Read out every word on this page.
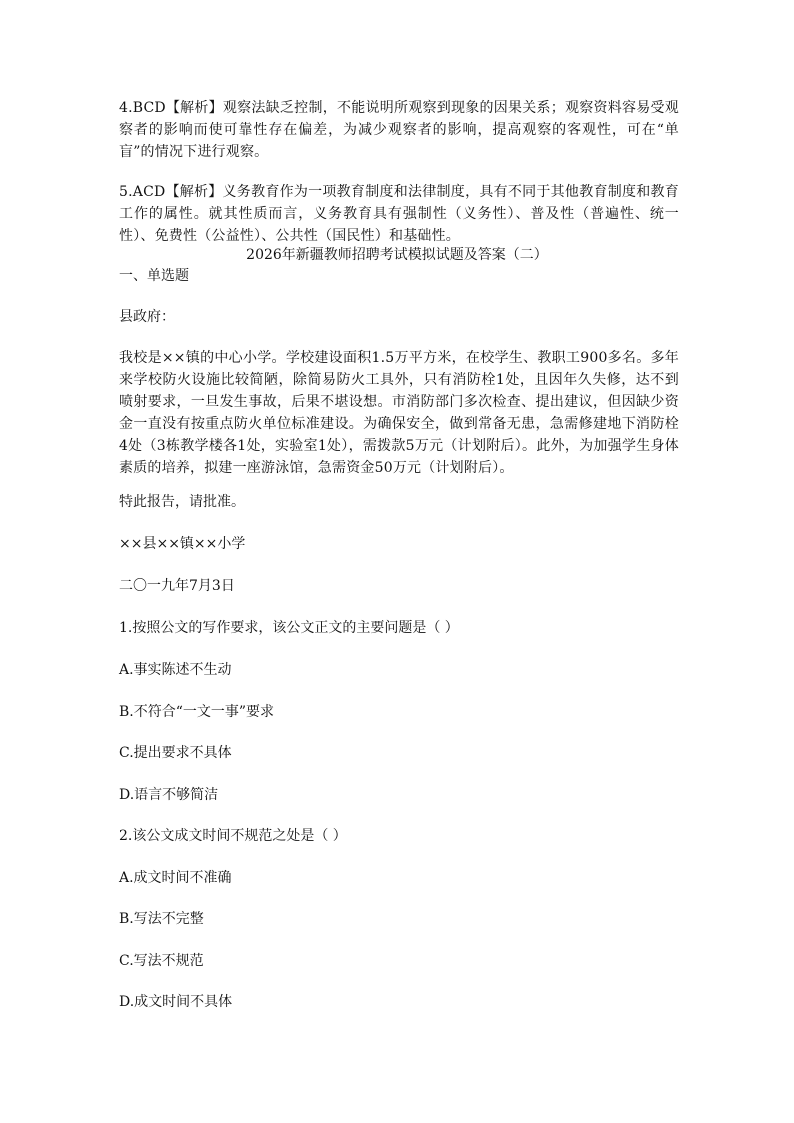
4.BCD【解析】观察法缺乏控制，不能说明所观察到现象的因果关系；观察资料容易受观察者的影响而使可靠性存在偏差，为减少观察者的影响，提高观察的客观性，可在“单盲”的情况下进行观察。

5.ACD【解析】义务教育作为一项教育制度和法律制度，具有不同于其他教育制度和教育工作的属性。就其性质而言，义务教育具有强制性（义务性）、普及性（普遍性、统一性）、免费性（公益性）、公共性（国民性）和基础性。

2026年新疆教师招聘考试模拟试题及答案（二）

一、单选题

县政府：

我校是××镇的中心小学。学校建设面积1.5万平方米，在校学生、教职工900多名。多年来学校防火设施比较简陋，除简易防火工具外，只有消防栓1处，且因年久失修，达不到喷射要求，一旦发生事故，后果不堪设想。市消防部门多次检查、提出建议，但因缺少资金一直没有按重点防火单位标准建设。为确保安全，做到常备无患，急需修建地下消防栓4处（3栋教学楼各1处，实验室1处），需拨款5万元（计划附后）。此外，为加强学生身体素质的培养，拟建一座游泳馆，急需资金50万元（计划附后）。

特此报告，请批准。

××县××镇××小学

二〇一九年7月3日

1.按照公文的写作要求，该公文正文的主要问题是（ ）

A.事实陈述不生动

B.不符合“一文一事”要求

C.提出要求不具体

D.语言不够简洁

2.该公文成文时间不规范之处是（ ）

A.成文时间不准确

B.写法不完整

C.写法不规范

D.成文时间不具体
